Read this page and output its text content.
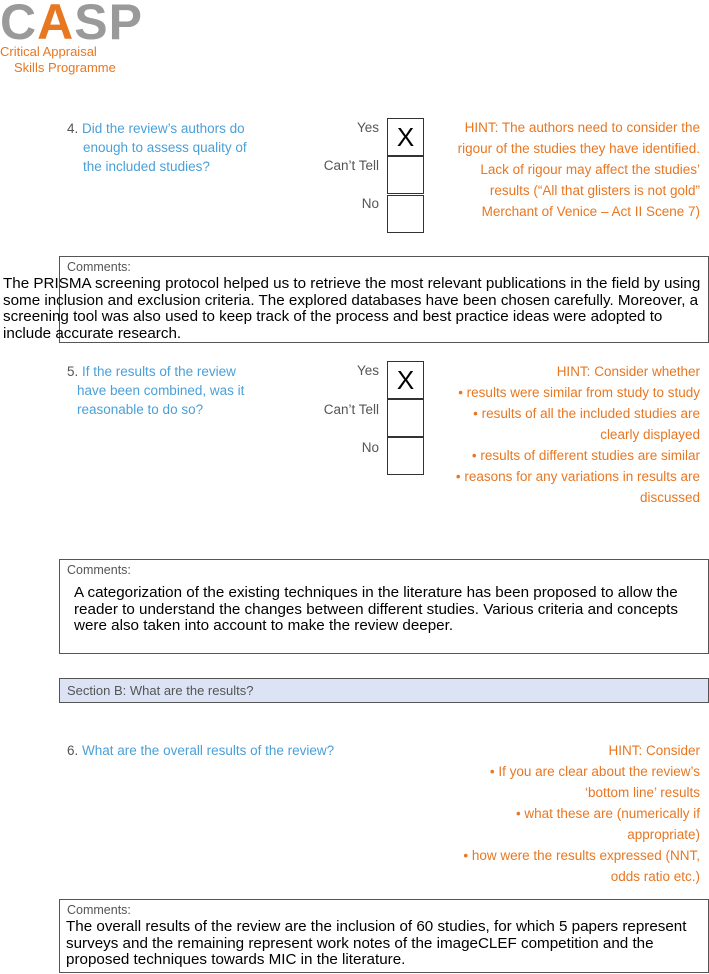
CASP
Critical Appraisal
Skills Programme
4. Did the review’s authors do
enough to assess quality of
the included studies?
Yes
Can’t Tell
No
X	HINT: The authors need to consider the
rigour of the studies they have identified.
Lack of rigour may affect the studies’
results (“All that glisters is not gold”
Merchant of Venice – Act II Scene 7)
Comments:
The PRISMA screening protocol helped us to retrieve the most relevant publications in the field by using some inclusion and exclusion criteria. The explored databases have been chosen carefully. Moreover, a screening tool was also used to keep track of the process and best practice ideas were adopted to include accurate research.
5. If the results of the review
have been combined, was it
reasonable to do so?
Yes
Can’t Tell
No
X	HINT: Consider whether
• results were similar from study to study
• results of all the included studies are
clearly displayed
• results of different studies are similar
• reasons for any variations in results are
discussed
Comments:
A categorization of the existing techniques in the literature has been proposed to allow the reader to understand the changes between different studies. Various criteria and concepts were also taken into account to make the review deeper.
Section B: What are the results?
6. What are the overall results of the review?	HINT: Consider
• If you are clear about the review’s
‘bottom line’ results
• what these are (numerically if
appropriate)
• how were the results expressed (NNT,
odds ratio etc.)
Comments:
The overall results of the review are the inclusion of 60 studies, for which 5 papers represent surveys and the remaining represent work notes of the imageCLEF competition and the proposed techniques towards MIC in the literature.
